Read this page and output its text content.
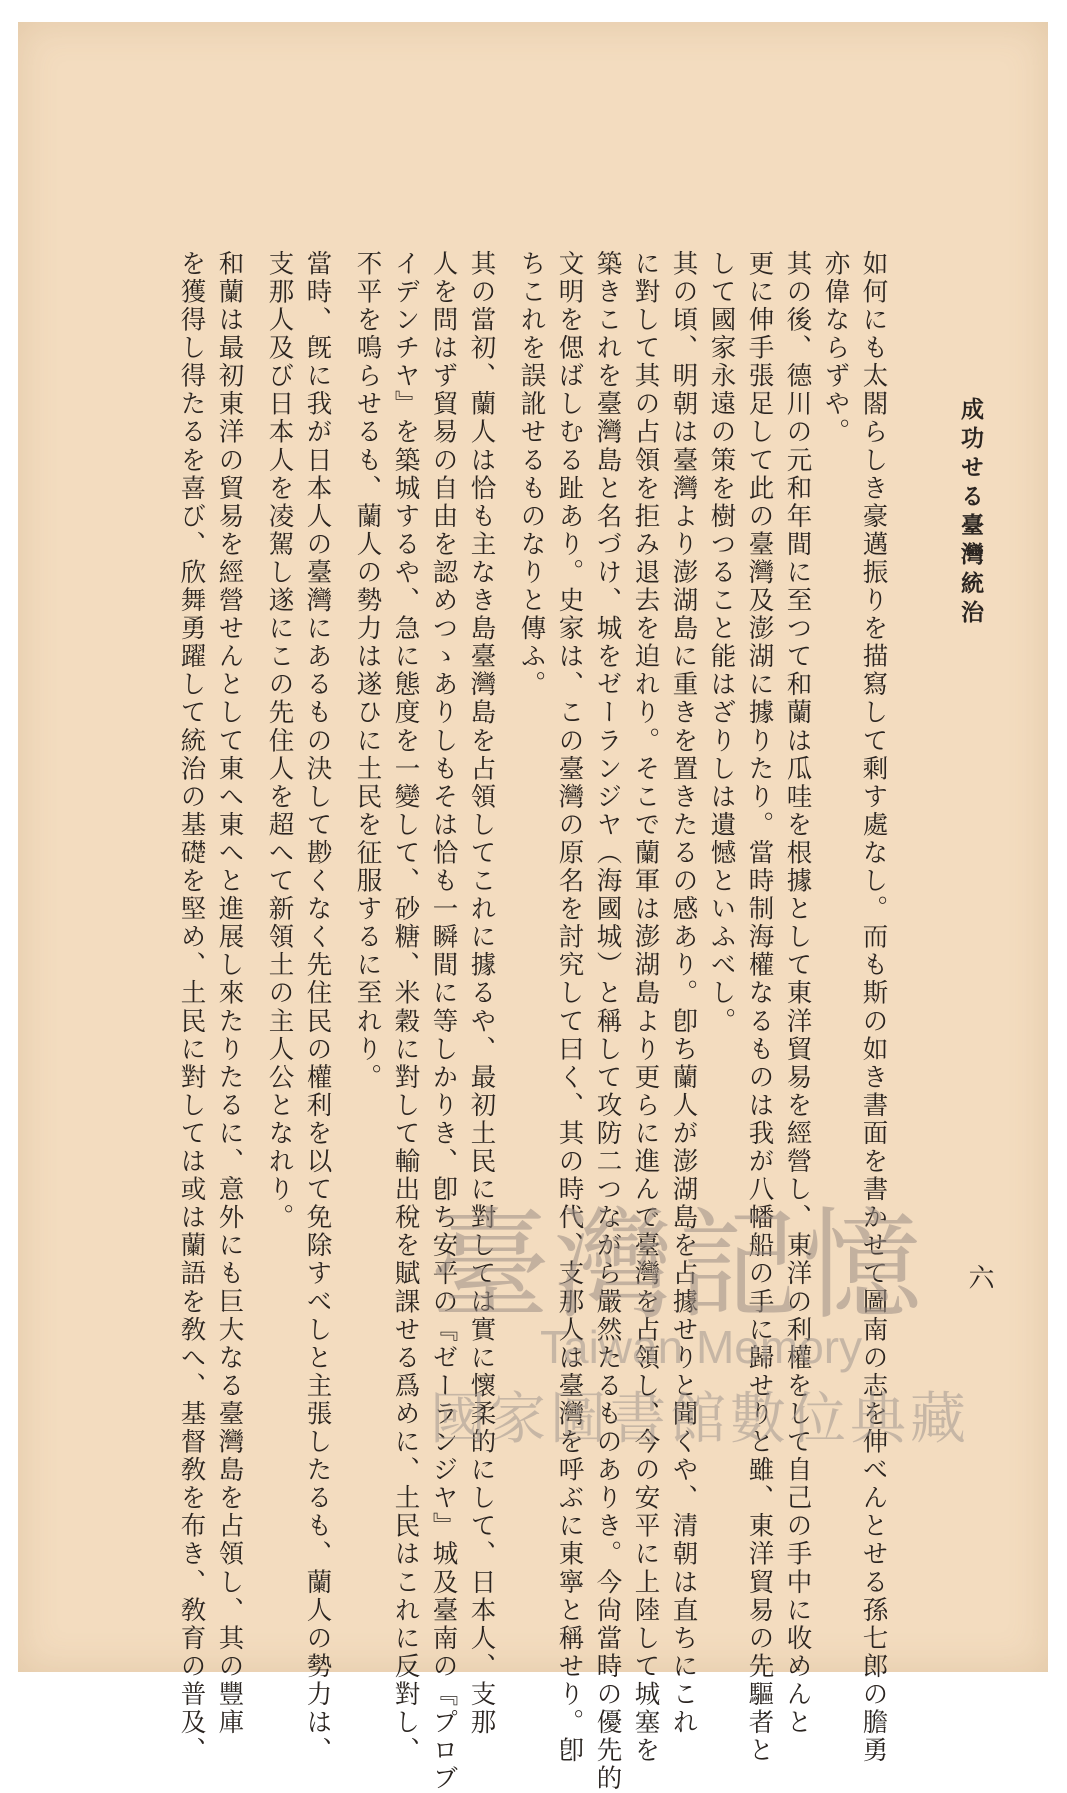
成功せる臺灣統治
如何にも太閤らしき豪邁振りを描寫して剩す處なし。而も斯の如き書面を書かせて圖南の志を伸べんとせる孫七郎の膽勇
亦偉ならずや。
其の後、德川の元和年間に至つて和蘭は瓜哇を根據として東洋貿易を經營し、東洋の利權をして自己の手中に收めんと
更に伸手張足して此の臺灣及澎湖に據りたり。當時制海權なるものは我が八幡船の手に歸せりと雖、東洋貿易の先驅者と
して國家永遠の策を樹つること能はざりしは遺憾といふべし。
其の頃、明朝は臺灣より澎湖島に重きを置きたるの感あり。卽ち蘭人が澎湖島を占據せりと聞くや、清朝は直ちにこれ
に對して其の占領を拒み退去を迫れり。そこで蘭軍は澎湖島より更らに進んで臺灣を占領し、今の安平に上陸して城塞を
築きこれを臺灣島と名づけ、城をゼーランジヤ（海國城）と稱して攻防二つながら嚴然たるものありき。今尙當時の優先的
文明を偲ばしむる趾あり。史家は、この臺灣の原名を討究して曰く、其の時代、支那人は臺灣を呼ぶに東寧と稱せり。卽
ちこれを誤訛せるものなりと傳ふ。
其の當初、蘭人は恰も主なき島臺灣島を占領してこれに據るや、最初土民に對しては實に懷柔的にして、日本人、支那
人を問はず貿易の自由を認めつゝありしもそは恰も一瞬間に等しかりき、卽ち安平の『ゼーランジヤ』城及臺南の『プロブ
イデンチヤ』を築城するや、急に態度を一變して、砂糖、米穀に對して輸出稅を賦課せる爲めに、土民はこれに反對し、
不平を鳴らせるも、蘭人の勢力は遂ひに土民を征服するに至れり。
當時、旣に我が日本人の臺灣にあるもの決して尠くなく先住民の權利を以て免除すべしと主張したるも、蘭人の勢力は、
支那人及び日本人を凌駕し遂にこの先住人を超へて新領土の主人公となれり。
和蘭は最初東洋の貿易を經營せんとして東へ東へと進展し來たりたるに、意外にも巨大なる臺灣島を占領し、其の豐庫
を獲得し得たるを喜び、欣舞勇躍して統治の基礎を堅め、土民に對しては或は蘭語を敎へ、基督敎を布き、敎育の普及、	六
臺灣記憶
Taiwan Memory
國家圖書館數位典藏
